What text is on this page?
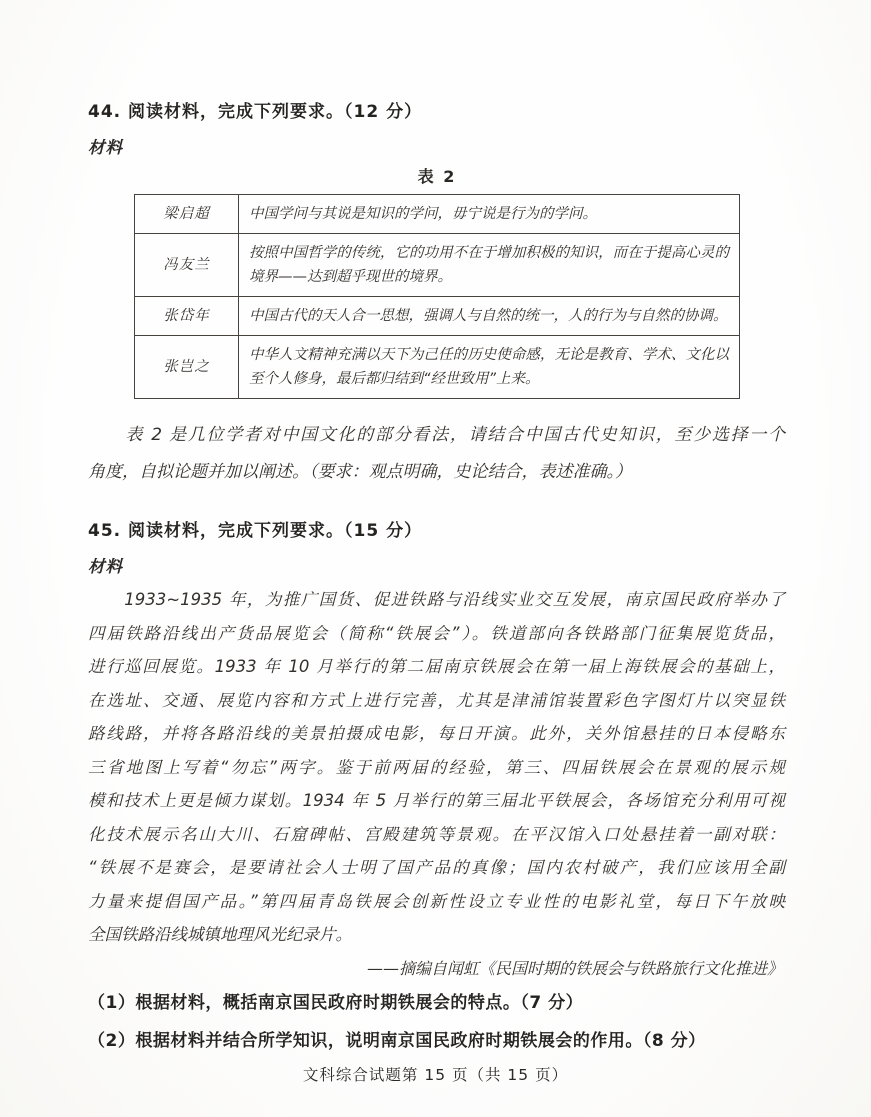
44. 阅读材料，完成下列要求。（12 分）
材料
表 2
梁启超	中国学问与其说是知识的学问，毋宁说是行为的学问。
冯友兰	按照中国哲学的传统，它的功用不在于增加积极的知识，而在于提高心灵的境界——达到超乎现世的境界。
张岱年	中国古代的天人合一思想，强调人与自然的统一，人的行为与自然的协调。
张岂之	中华人文精神充满以天下为己任的历史使命感，无论是教育、学术、文化以至个人修身，最后都归结到“经世致用”上来。
表 2 是几位学者对中国文化的部分看法，请结合中国古代史知识，至少选择一个
角度，自拟论题并加以阐述。（要求：观点明确，史论结合，表述准确。）
45. 阅读材料，完成下列要求。（15 分）
材料
1933~1935 年，为推广国货、促进铁路与沿线实业交互发展，南京国民政府举办了
四届铁路沿线出产货品展览会（简称“铁展会”）。铁道部向各铁路部门征集展览货品，
进行巡回展览。1933 年 10 月举行的第二届南京铁展会在第一届上海铁展会的基础上，
在选址、交通、展览内容和方式上进行完善，尤其是津浦馆装置彩色字图灯片以突显铁
路线路，并将各路沿线的美景拍摄成电影，每日开演。此外，关外馆悬挂的日本侵略东
三省地图上写着“勿忘”两字。鉴于前两届的经验，第三、四届铁展会在景观的展示规
模和技术上更是倾力谋划。1934 年 5 月举行的第三届北平铁展会，各场馆充分利用可视
化技术展示名山大川、石窟碑帖、宫殿建筑等景观。在平汉馆入口处悬挂着一副对联：
“铁展不是赛会，是要请社会人士明了国产品的真像；国内农村破产，我们应该用全副
力量来提倡国产品。”第四届青岛铁展会创新性设立专业性的电影礼堂，每日下午放映
全国铁路沿线城镇地理风光纪录片。
——摘编自闻虹《民国时期的铁展会与铁路旅行文化推进》
（1）根据材料，概括南京国民政府时期铁展会的特点。（7 分）
（2）根据材料并结合所学知识，说明南京国民政府时期铁展会的作用。（8 分）
文科综合试题第 15 页（共 15 页）
